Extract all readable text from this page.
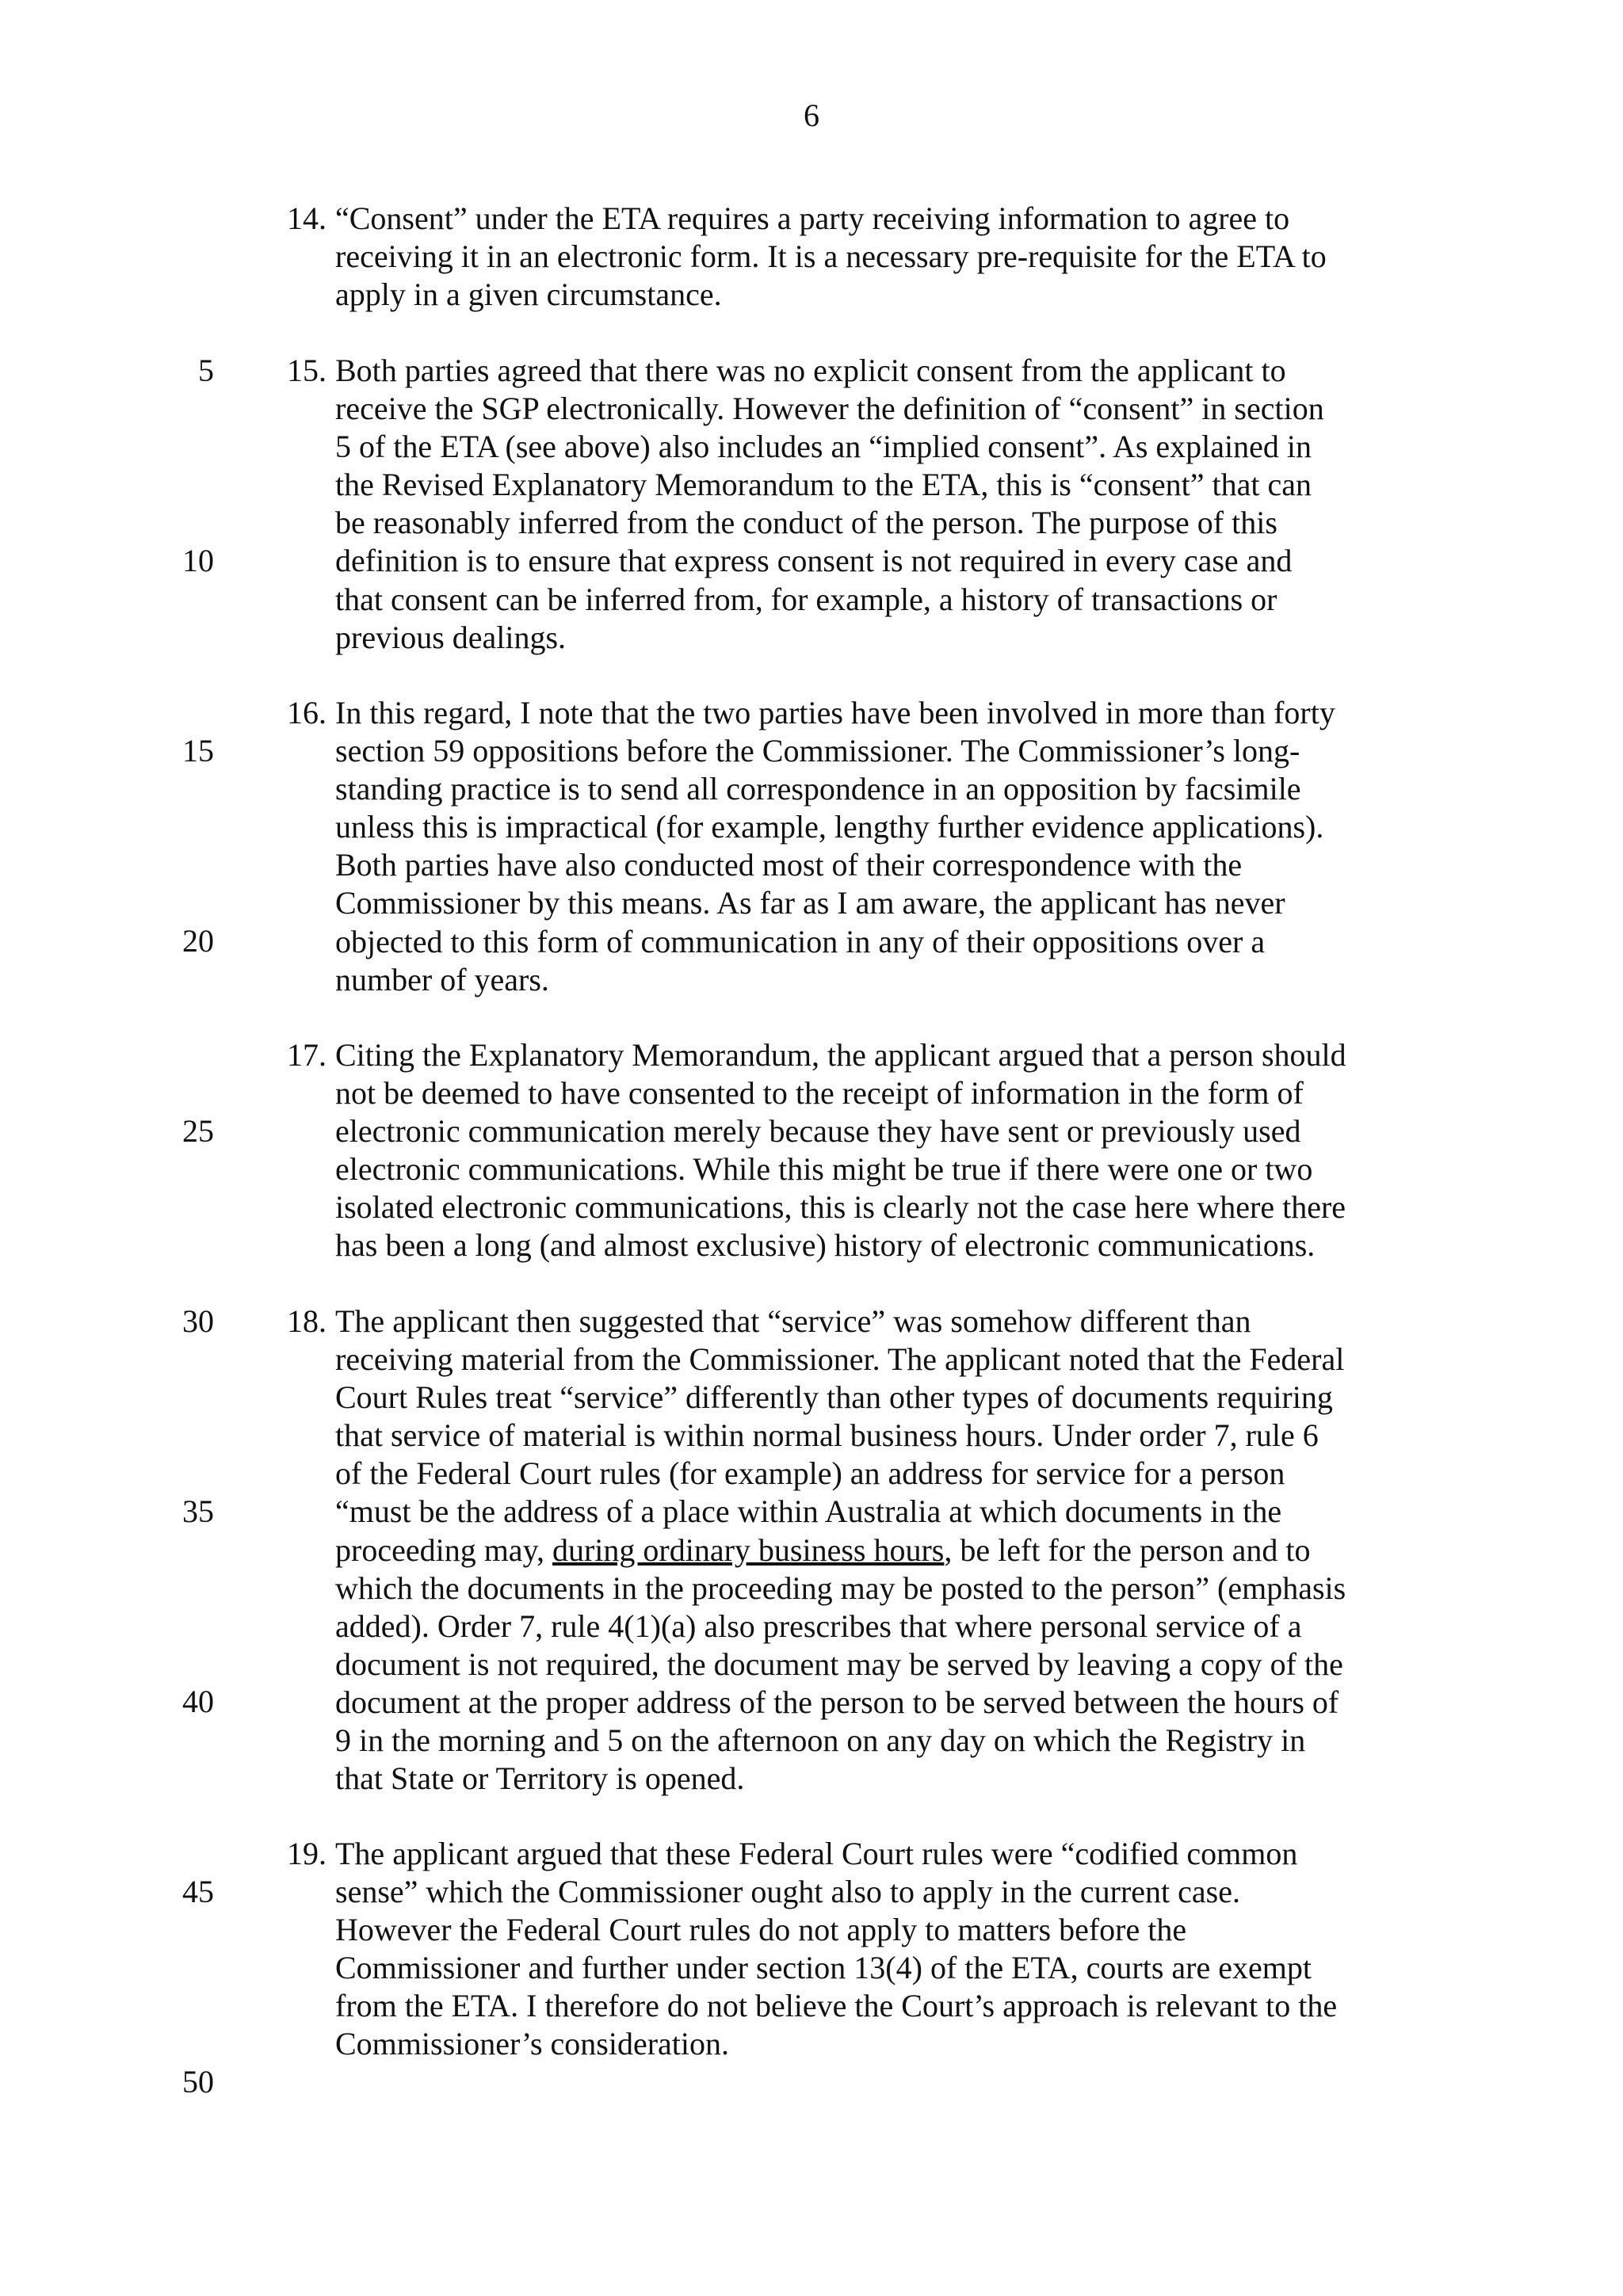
6
5
10
15
20
25
30
35
40
45
50
14. “Consent” under the ETA requires a party receiving information to agree to
receiving it in an electronic form. It is a necessary pre-requisite for the ETA to
apply in a given circumstance.
15. Both parties agreed that there was no explicit consent from the applicant to
receive the SGP electronically. However the definition of “consent” in section
5 of the ETA (see above) also includes an “implied consent”. As explained in
the Revised Explanatory Memorandum to the ETA, this is “consent” that can
be reasonably inferred from the conduct of the person. The purpose of this
definition is to ensure that express consent is not required in every case and
that consent can be inferred from, for example, a history of transactions or
previous dealings.
16. In this regard, I note that the two parties have been involved in more than forty
section 59 oppositions before the Commissioner. The Commissioner’s long-
standing practice is to send all correspondence in an opposition by facsimile
unless this is impractical (for example, lengthy further evidence applications).
Both parties have also conducted most of their correspondence with the
Commissioner by this means. As far as I am aware, the applicant has never
objected to this form of communication in any of their oppositions over a
number of years.
17. Citing the Explanatory Memorandum, the applicant argued that a person should
not be deemed to have consented to the receipt of information in the form of
electronic communication merely because they have sent or previously used
electronic communications. While this might be true if there were one or two
isolated electronic communications, this is clearly not the case here where there
has been a long (and almost exclusive) history of electronic communications.
18. The applicant then suggested that “service” was somehow different than
receiving material from the Commissioner. The applicant noted that the Federal
Court Rules treat “service” differently than other types of documents requiring
that service of material is within normal business hours. Under order 7, rule 6
of the Federal Court rules (for example) an address for service for a person
“must be the address of a place within Australia at which documents in the
proceeding may, during ordinary business hours, be left for the person and to
which the documents in the proceeding may be posted to the person” (emphasis
added). Order 7, rule 4(1)(a) also prescribes that where personal service of a
document is not required, the document may be served by leaving a copy of the
document at the proper address of the person to be served between the hours of
9 in the morning and 5 on the afternoon on any day on which the Registry in
that State or Territory is opened.
19. The applicant argued that these Federal Court rules were “codified common
sense” which the Commissioner ought also to apply in the current case.
However the Federal Court rules do not apply to matters before the
Commissioner and further under section 13(4) of the ETA, courts are exempt
from the ETA. I therefore do not believe the Court’s approach is relevant to the
Commissioner’s consideration.
